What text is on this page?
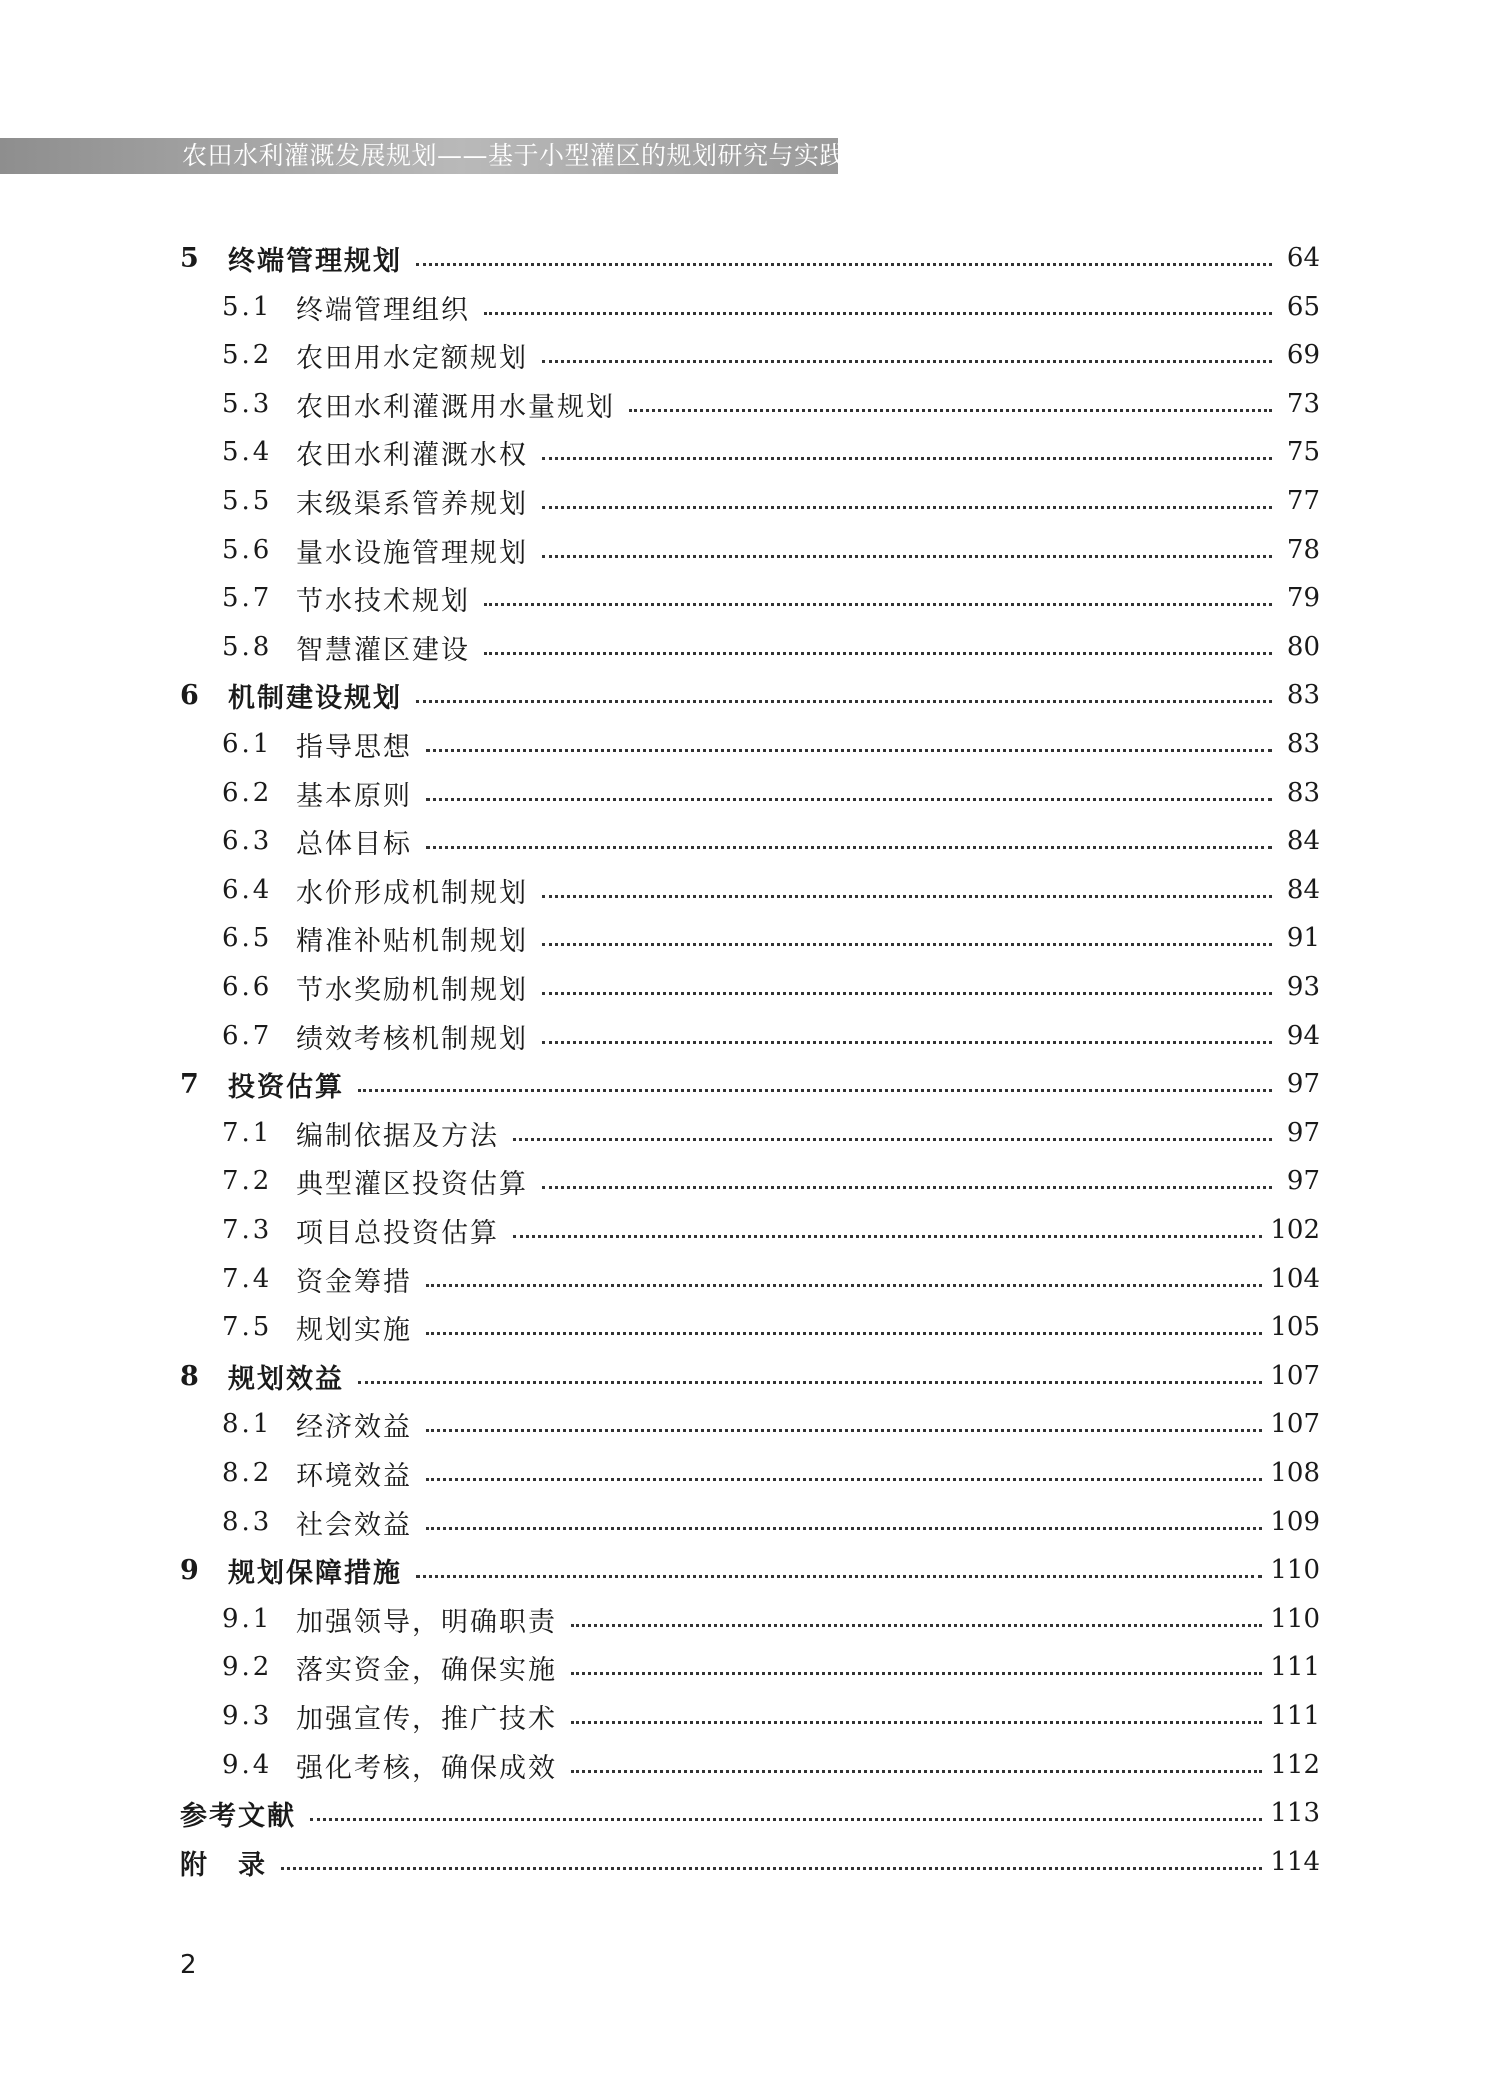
农田水利灌溉发展规划——基于小型灌区的规划研究与实践
5	终端管理规划	64
5.1 终端管理组织	65
5.2 农田用水定额规划	69
5.3 农田水利灌溉用水量规划	73
5.4 农田水利灌溉水权	75
5.5 末级渠系管养规划	77
5.6 量水设施管理规划	78
5.7 节水技术规划	79
5.8 智慧灌区建设	80
6	机制建设规划	83
6.1 指导思想	83
6.2 基本原则	83
6.3 总体目标	84
6.4 水价形成机制规划	84
6.5 精准补贴机制规划	91
6.6 节水奖励机制规划	93
6.7 绩效考核机制规划	94
7	投资估算	97
7.1 编制依据及方法	97
7.2 典型灌区投资估算	97
7.3 项目总投资估算	102
7.4 资金筹措	104
7.5 规划实施	105
8	规划效益	107
8.1 经济效益	107
8.2 环境效益	108
8.3 社会效益	109
9	规划保障措施	110
9.1 加强领导，明确职责	110
9.2 落实资金，确保实施	111
9.3 加强宣传，推广技术	111
9.4 强化考核，确保成效	112
参考文献	113
附　录	114
2
